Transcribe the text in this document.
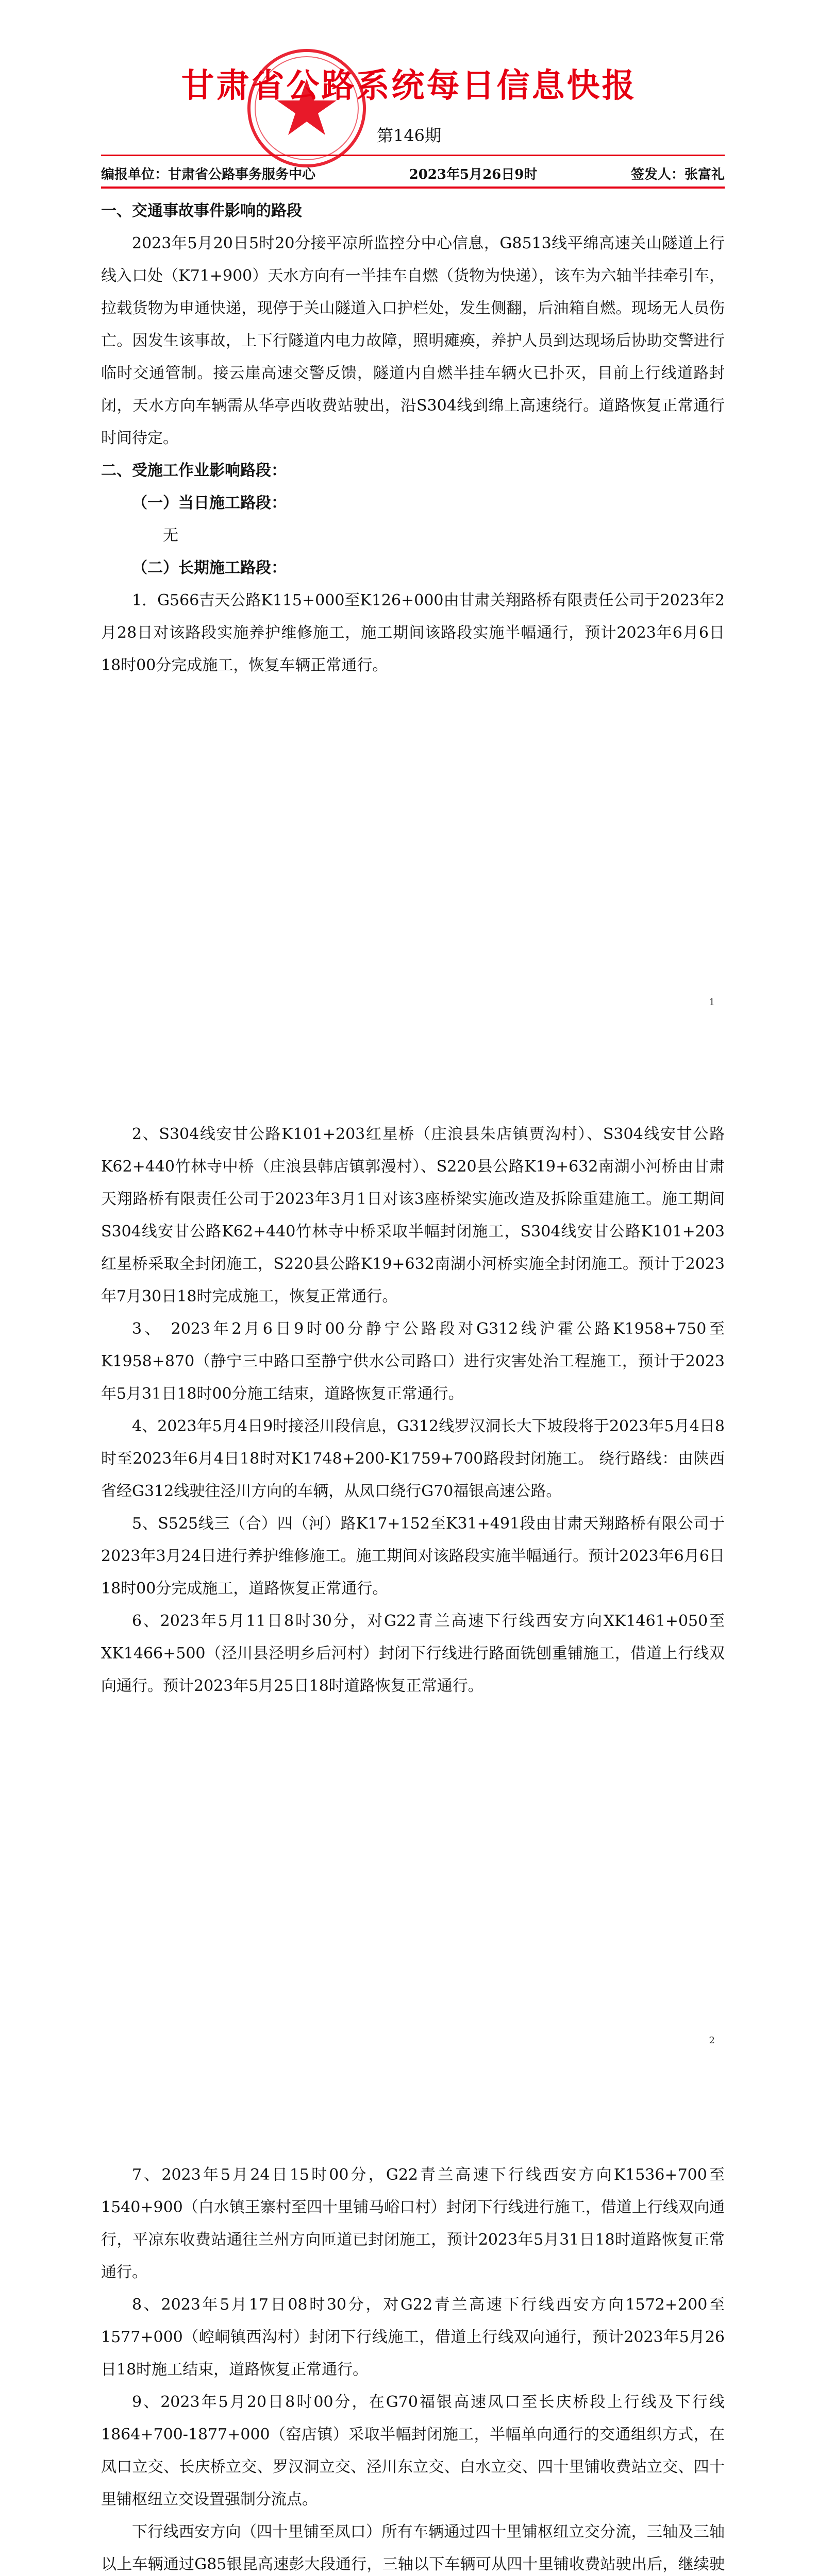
甘肃省公路系统每日信息快报
第146期
编报单位：甘肃省公路事务服务中心	2023年5月26日9时	签发人：张富礼

一、交通事故事件影响的路段

2023年5月20日5时20分接平凉所监控分中心信息，G8513线平绵高速关山隧道上行线入口处（K71+900）天水方向有一半挂车自燃（货物为快递），该车为六轴半挂牵引车，拉载货物为申通快递，现停于关山隧道入口护栏处，发生侧翻，后油箱自燃。现场无人员伤亡。因发生该事故，上下行隧道内电力故障，照明瘫痪，养护人员到达现场后协助交警进行临时交通管制。接云崖高速交警反馈，隧道内自燃半挂车辆火已扑灭，目前上行线道路封闭，天水方向车辆需从华亭西收费站驶出，沿S304线到绵上高速绕行。道路恢复正常通行时间待定。

二、受施工作业影响路段：

（一）当日施工路段：

无

（二）长期施工路段：

1．G566吉天公路K115+000至K126+000由甘肃关翔路桥有限责任公司于2023年2月28日对该路段实施养护维修施工，施工期间该路段实施半幅通行，预计2023年6月6日18时00分完成施工，恢复车辆正常通行。

1

2、S304线安甘公路K101+203红星桥（庄浪县朱店镇贾沟村）、S304线安甘公路K62+440竹林寺中桥（庄浪县韩店镇郭漫村）、S220县公路K19+632南湖小河桥由甘肃天翔路桥有限责任公司于2023年3月1日对该3座桥梁实施改造及拆除重建施工。施工期间S304线安甘公路K62+440竹林寺中桥采取半幅封闭施工，S304线安甘公路K101+203红星桥采取全封闭施工，S220县公路K19+632南湖小河桥实施全封闭施工。预计于2023年7月30日18时完成施工，恢复正常通行。

3、 2023年2月6日9时00分静宁公路段对G312线沪霍公路K1958+750至K1958+870（静宁三中路口至静宁供水公司路口）进行灾害处治工程施工，预计于2023年5月31日18时00分施工结束，道路恢复正常通行。

4、2023年5月4日9时接泾川段信息，G312线罗汉洞长大下坡段将于2023年5月4日8时至2023年6月4日18时对K1748+200-K1759+700路段封闭施工。 绕行路线：由陕西省经G312线驶往泾川方向的车辆，从凤口绕行G70福银高速公路。

5、S525线三（合）四（河）路K17+152至K31+491段由甘肃天翔路桥有限公司于2023年3月24日进行养护维修施工。施工期间对该路段实施半幅通行。预计2023年6月6日18时00分完成施工，道路恢复正常通行。

6、2023年5月11日8时30分，对G22青兰高速下行线西安方向XK1461+050至XK1466+500（泾川县泾明乡后河村）封闭下行线进行路面铣刨重铺施工，借道上行线双向通行。预计2023年5月25日18时道路恢复正常通行。

2

7、2023年5月24日15时00分，G22青兰高速下行线西安方向K1536+700至1540+900（白水镇王寨村至四十里铺马峪口村）封闭下行线进行施工，借道上行线双向通行，平凉东收费站通往兰州方向匝道已封闭施工，预计2023年5月31日18时道路恢复正常通行。

8、2023年5月17日08时30分，对G22青兰高速下行线西安方向1572+200至1577+000（崆峒镇西沟村）封闭下行线施工，借道上行线双向通行，预计2023年5月26日18时施工结束，道路恢复正常通行。

9、2023年5月20日8时00分，在G70福银高速凤口至长庆桥段上行线及下行线1864+700-1877+000（窑店镇）采取半幅封闭施工，半幅单向通行的交通组织方式，在凤口立交、长庆桥立交、罗汉洞立交、泾川东立交、白水立交、四十里铺收费站立交、四十里铺枢纽立交设置强制分流点。

下行线西安方向（四十里铺至凤口）所有车辆通过四十里铺枢纽立交分流，三轴及三轴以上车辆通过G85银昆高速彭大段通行，三轴以下车辆可从四十里铺收费站驶出后，继续驶
